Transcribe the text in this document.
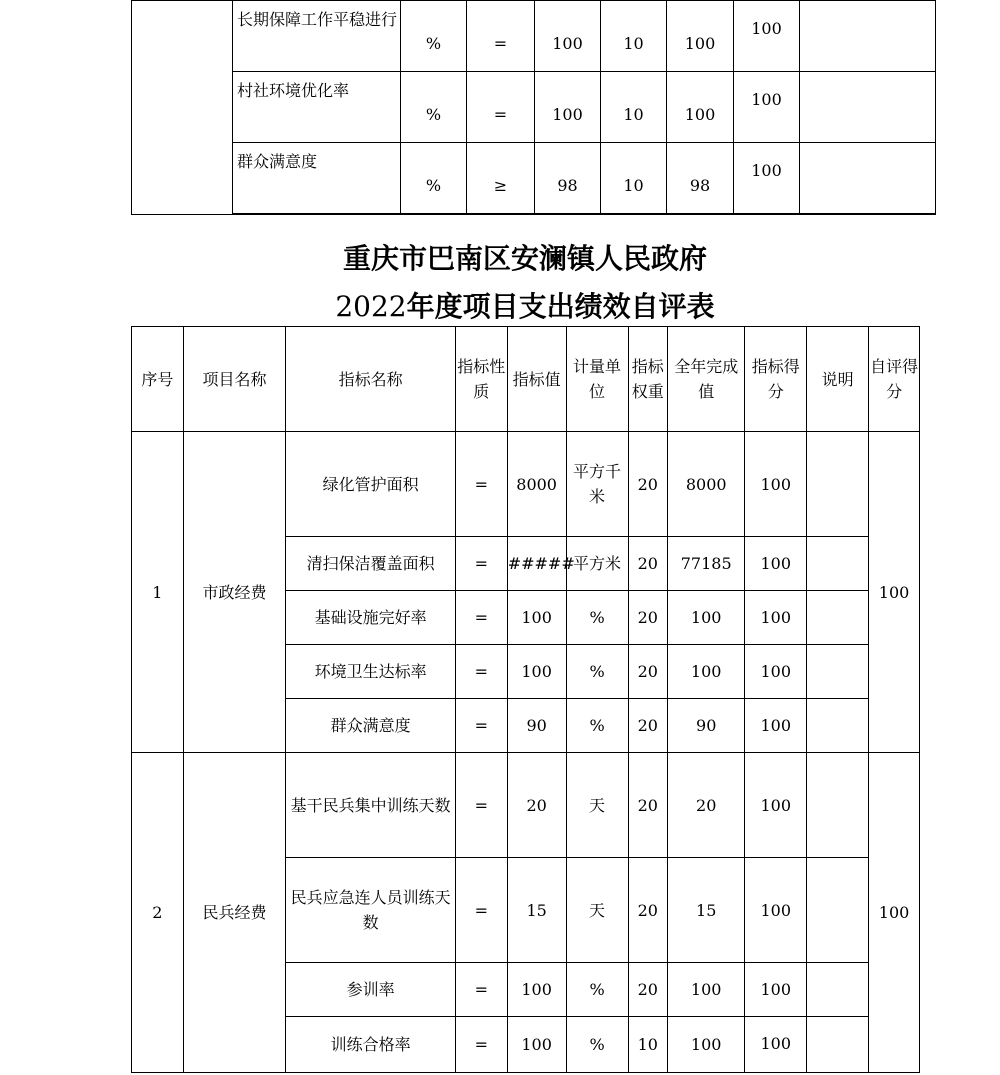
	长期保障工作平稳进行	%	=	100	10	100	100	
	村社环境优化率	%	=	100	10	100	100	
	群众满意度	%	≥	98	10	98	100	
重庆市巴南区安澜镇人民政府
2022年度项目支出绩效自评表
序号	项目名称	指标名称	指标性质	指标值	计量单位	指标权重	全年完成值	指标得分	说明	自评得分
1	市政经费	绿化管护面积	=	8000	平方千米	20	8000	100		100
		清扫保洁覆盖面积	=	#####	平方米	20	77185	100		
		基础设施完好率	=	100	%	20	100	100		
		环境卫生达标率	=	100	%	20	100	100		
		群众满意度	=	90	%	20	90	100		
2	民兵经费	基干民兵集中训练天数	=	20	天	20	20	100		100
		民兵应急连人员训练天数	=	15	天	20	15	100		
		参训率	=	100	%	20	100	100		
		训练合格率	=	100	%	10	100	100		
